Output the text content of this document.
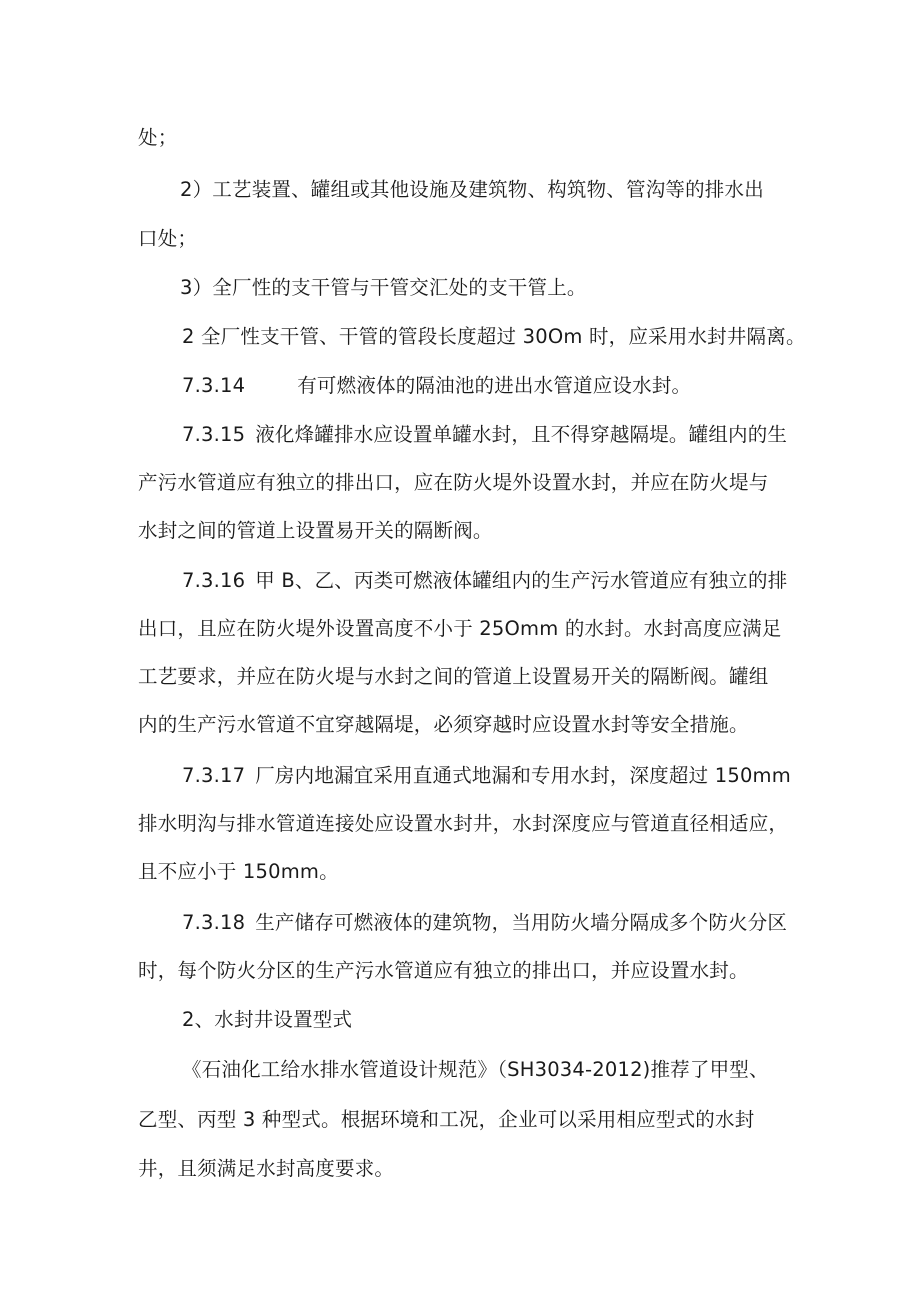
处；
2）工艺装置、罐组或其他设施及建筑物、构筑物、管沟等的排水出
口处；
3）全厂性的支干管与干管交汇处的支干管上。
2 全厂性支干管、干管的管段长度超过 30Om 时，应采用水封井隔离。
7.3.14	有可燃液体的隔油池的进出水管道应设水封。
7.3.15 液化烽罐排水应设置单罐水封，且不得穿越隔堤。罐组内的生
产污水管道应有独立的排出口，应在防火堤外设置水封，并应在防火堤与
水封之间的管道上设置易开关的隔断阀。
7.3.16 甲 B、乙、丙类可燃液体罐组内的生产污水管道应有独立的排
出口，且应在防火堤外设置高度不小于 25Omm 的水封。水封高度应满足
工艺要求，并应在防火堤与水封之间的管道上设置易开关的隔断阀。罐组
内的生产污水管道不宜穿越隔堤，必须穿越时应设置水封等安全措施。
7.3.17 厂房内地漏宜采用直通式地漏和专用水封，深度超过 150mm
排水明沟与排水管道连接处应设置水封井，水封深度应与管道直径相适应，
且不应小于 150mm。
7.3.18 生产储存可燃液体的建筑物，当用防火墙分隔成多个防火分区
时，每个防火分区的生产污水管道应有独立的排出口，并应设置水封。
2、水封井设置型式
《石油化工给水排水管道设计规范》（SH3034-2012)推荐了甲型、
乙型、丙型 3 种型式。根据环境和工况，企业可以采用相应型式的水封
井，且须满足水封高度要求。
